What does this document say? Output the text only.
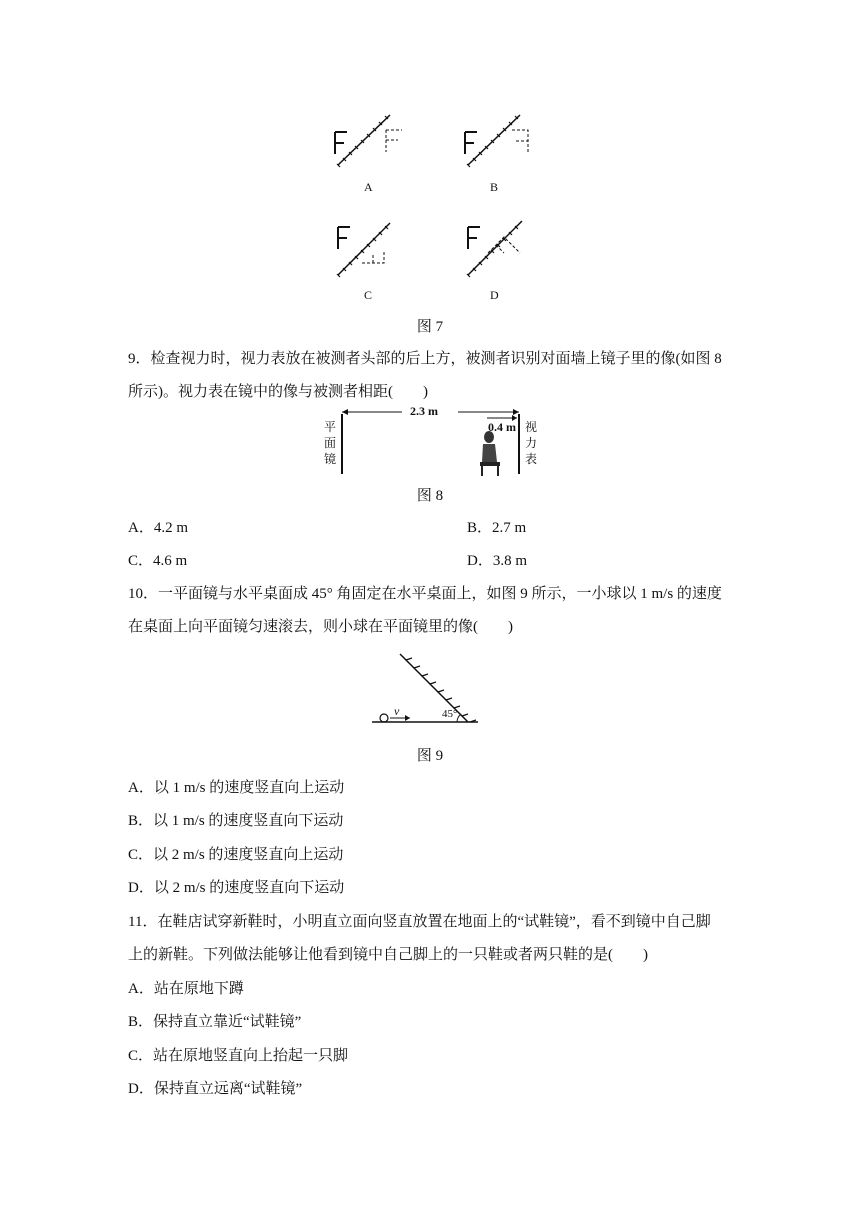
A	B
C	D
图 7
9．检查视力时，视力表放在被测者头部的后上方，被测者识别对面墙上镜子里的像(如图 8
所示)。视力表在镜中的像与被测者相距(　　)
平
面
镜
2.3 m
0.4 m 视
力
表
图 8
A．4.2 m	B．2.7 m
C．4.6 m	D．3.8 m
10．一平面镜与水平桌面成 45° 角固定在水平桌面上，如图 9 所示，一小球以 1 m/s 的速度
在桌面上向平面镜匀速滚去，则小球在平面镜里的像(　　)
v	45°
图 9
A．以 1 m/s 的速度竖直向上运动
B．以 1 m/s 的速度竖直向下运动
C．以 2 m/s 的速度竖直向上运动
D．以 2 m/s 的速度竖直向下运动
11．在鞋店试穿新鞋时，小明直立面向竖直放置在地面上的“试鞋镜”，看不到镜中自己脚
上的新鞋。下列做法能够让他看到镜中自己脚上的一只鞋或者两只鞋的是(　　)
A．站在原地下蹲
B．保持直立靠近“试鞋镜”
C．站在原地竖直向上抬起一只脚
D．保持直立远离“试鞋镜”
